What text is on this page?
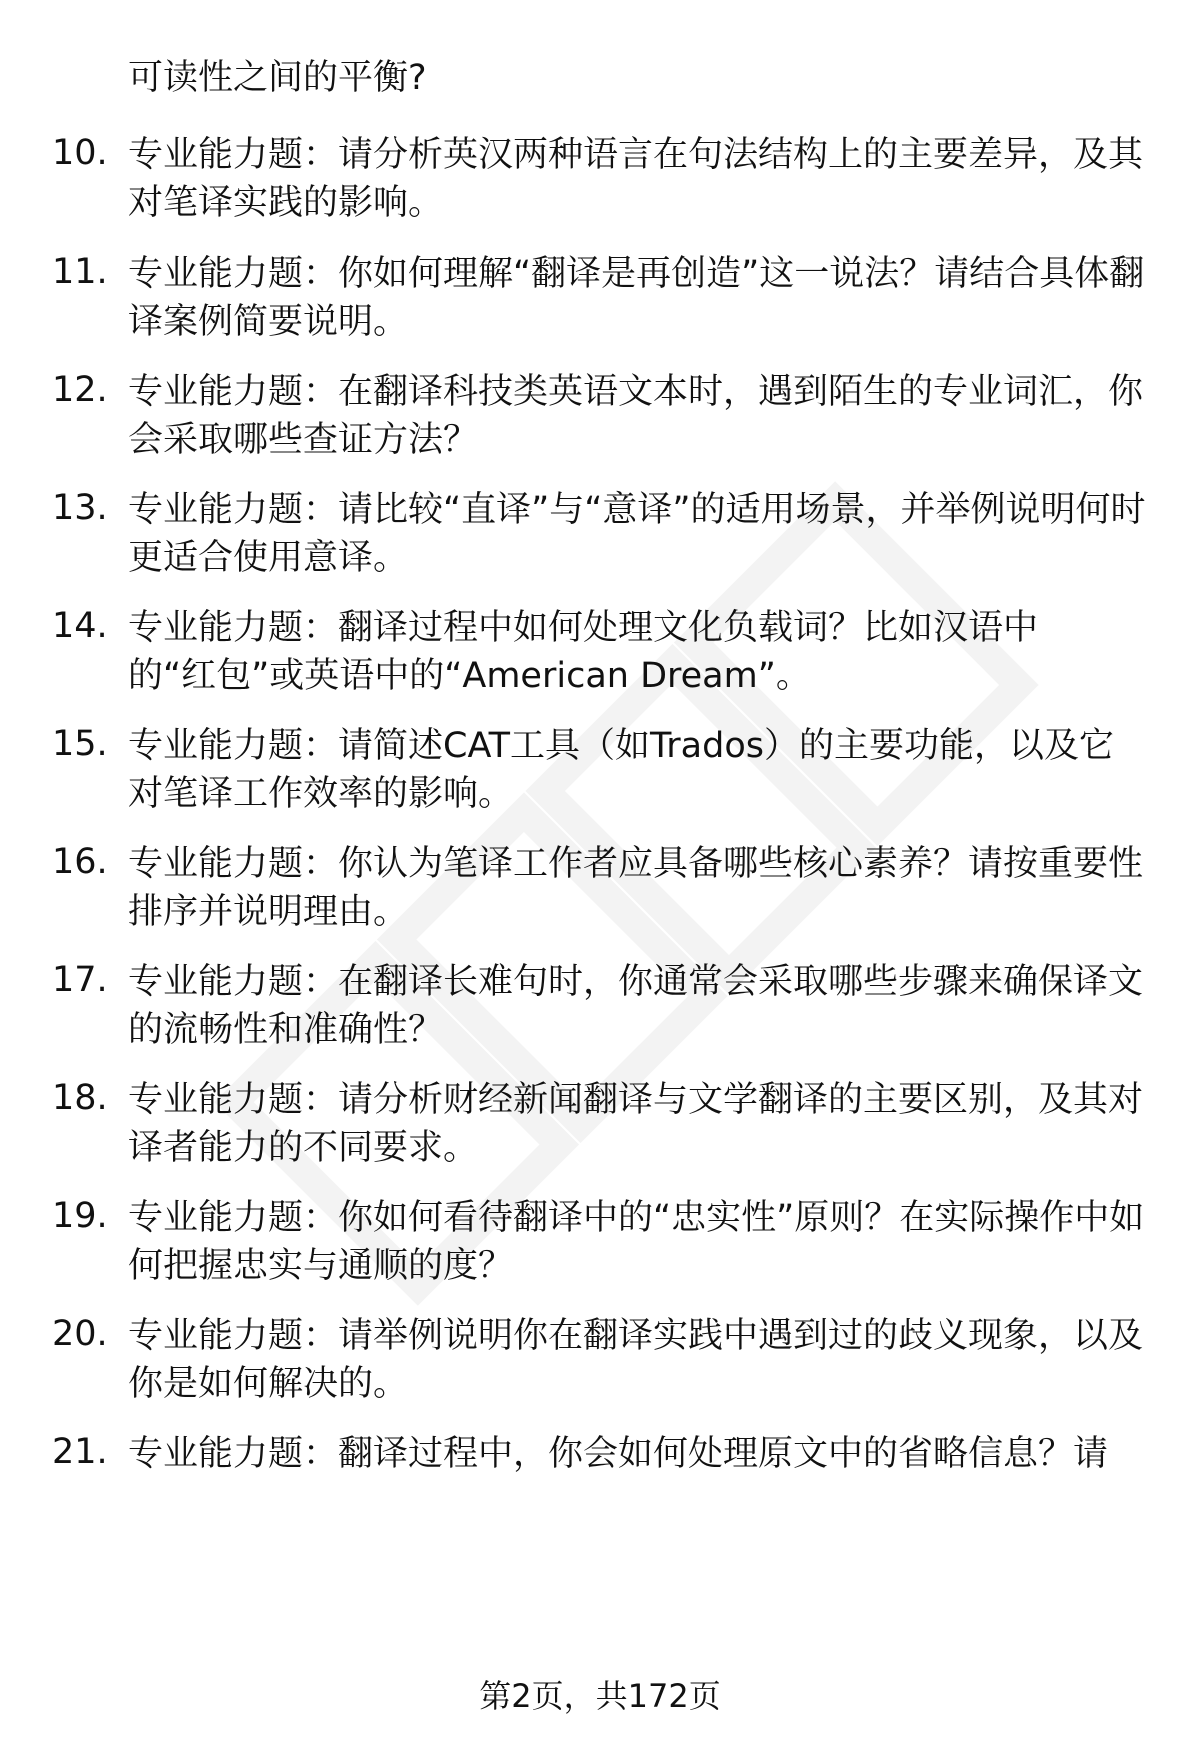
可读性之间的平衡?
10. 专业能力题：请分析英汉两种语言在句法结构上的主要差异，及其对笔译实践的影响。
11. 专业能力题：你如何理解“翻译是再创造”这一说法？请结合具体翻译案例简要说明。
12. 专业能力题：在翻译科技类英语文本时，遇到陌生的专业词汇，你会采取哪些查证方法？
13. 专业能力题：请比较“直译”与“意译”的适用场景，并举例说明何时更适合使用意译。
14. 专业能力题：翻译过程中如何处理文化负载词？比如汉语中的“红包”或英语中的“American Dream”。
15. 专业能力题：请简述CAT工具（如Trados）的主要功能，以及它对笔译工作效率的影响。
16. 专业能力题：你认为笔译工作者应具备哪些核心素养？请按重要性排序并说明理由。
17. 专业能力题：在翻译长难句时，你通常会采取哪些步骤来确保译文的流畅性和准确性？
18. 专业能力题：请分析财经新闻翻译与文学翻译的主要区别，及其对译者能力的不同要求。
19. 专业能力题：你如何看待翻译中的“忠实性”原则？在实际操作中如何把握忠实与通顺的度？
20. 专业能力题：请举例说明你在翻译实践中遇到过的歧义现象，以及你是如何解决的。
21. 专业能力题：翻译过程中，你会如何处理原文中的省略信息？请
第2页，共172页
